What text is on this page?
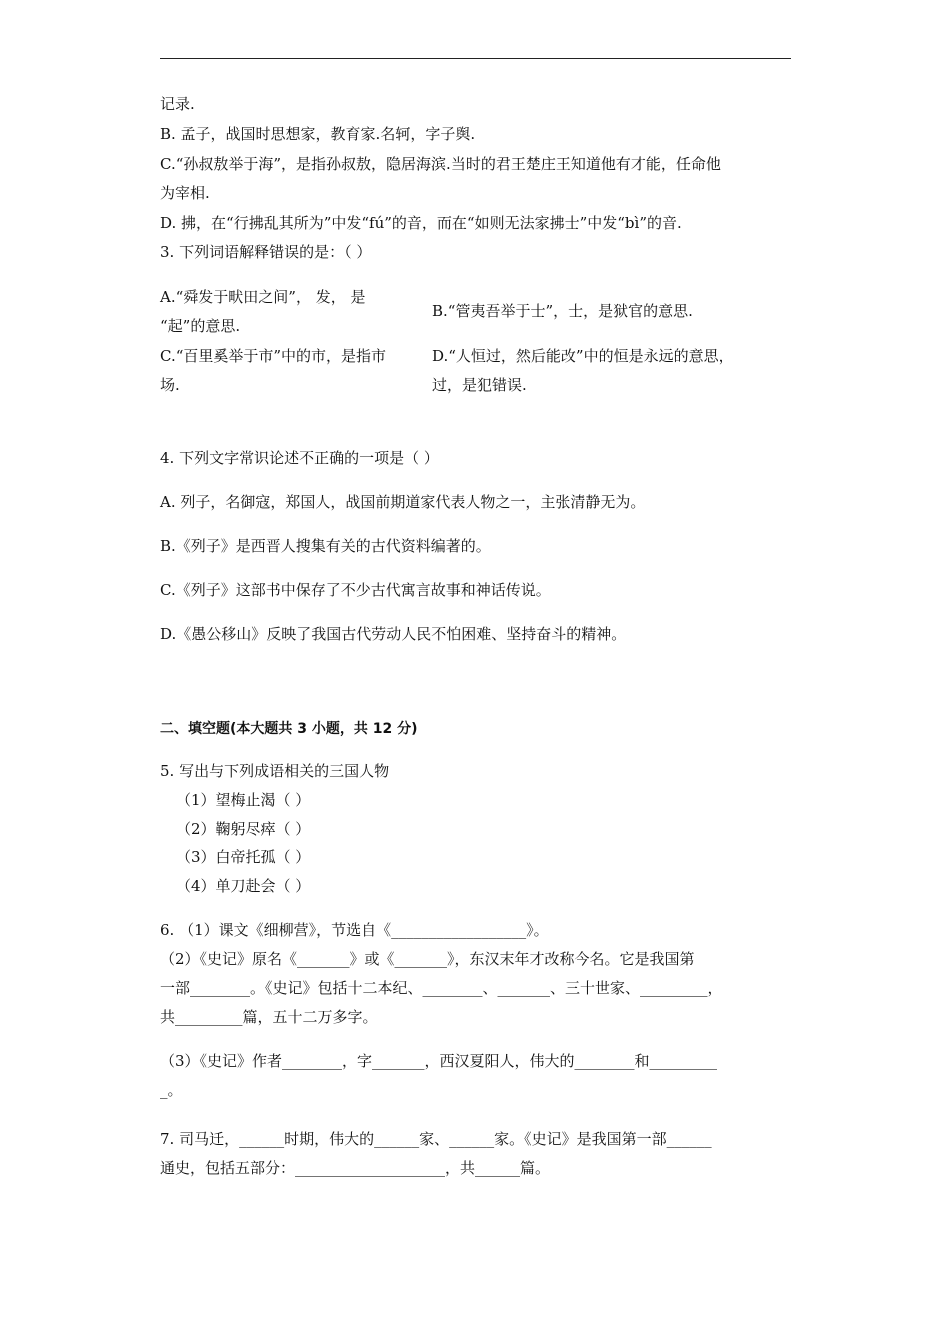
记录.
B. 孟子，战国时思想家，教育家.名轲，字子舆.
C.“孙叔敖举于海”，是指孙叔敖，隐居海滨.当时的君王楚庄王知道他有才能，任命他
为宰相.
D. 拂，在“行拂乱其所为”中发“fú”的音，而在“如则无法家拂士”中发“bì”的音.
3. 下列词语解释错误的是：（ ）
A.“舜发于畎田之间”， 发， 是
“起”的意思.
B.“管夷吾举于士”，士，是狱官的意思.
C.“百里奚举于市”中的市，是指市
场.
D.“人恒过，然后能改”中的恒是永远的意思，
过，是犯错误.
4. 下列文字常识论述不正确的一项是（ ）
A. 列子，名御寇，郑国人，战国前期道家代表人物之一，主张清静无为。
B.《列子》是西晋人搜集有关的古代资料编著的。
C.《列子》这部书中保存了不少古代寓言故事和神话传说。
D.《愚公移山》反映了我国古代劳动人民不怕困难、坚持奋斗的精神。
二、填空题(本大题共 3 小题，共 12 分)
5. 写出与下列成语相关的三国人物
（1）望梅止渴（ ）
（2）鞠躬尽瘁（ ）
（3）白帝托孤（ ）
（4）单刀赴会（ ）
6. （1）课文《细柳营》，节选自《__________________》。
（2）《史记》原名《_______》或《_______》，东汉末年才改称今名。它是我国第
一部________。《史记》包括十二本纪、________、_______、三十世家、_________，
共_________篇，五十二万多字。
（3）《史记》作者________，字_______，西汉夏阳人，伟大的________和_________
_。
7. 司马迁，______时期，伟大的______家、______家。《史记》是我国第一部______
通史，包括五部分：____________________，共______篇。
